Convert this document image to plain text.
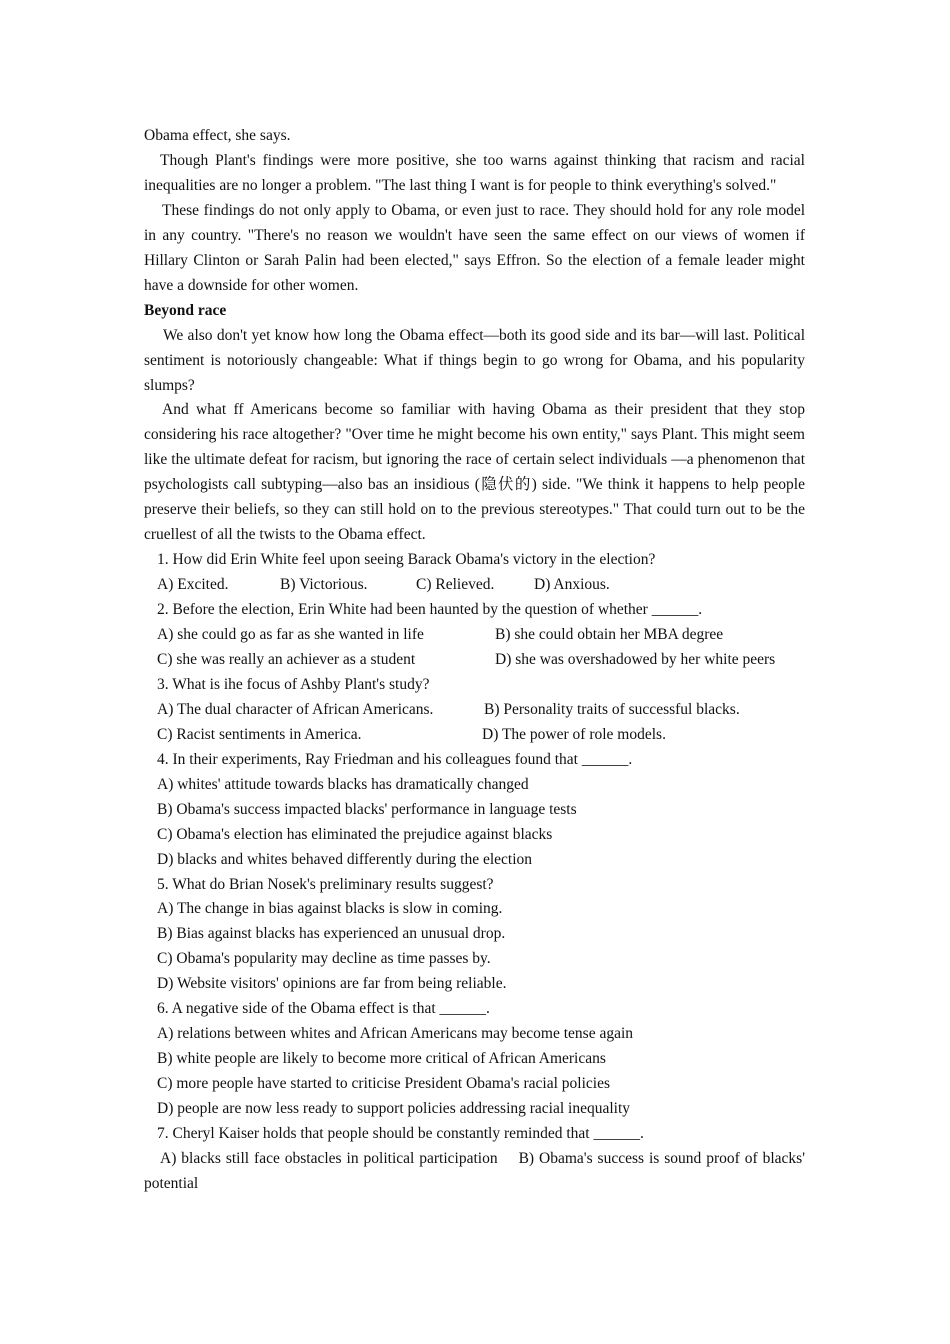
Obama effect, she says.

Though Plant's findings were more positive, she too warns against thinking that racism and racial inequalities are no longer a problem. "The last thing I want is for people to think everything's solved."

These findings do not only apply to Obama, or even just to race. They should hold for any role model in any country. "There's no reason we wouldn't have seen the same effect on our views of women if Hillary Clinton or Sarah Palin had been elected," says Effron. So the election of a female leader might have a downside for other women.

Beyond race

We also don't yet know how long the Obama effect—both its good side and its bar—will last. Political sentiment is notoriously changeable: What if things begin to go wrong for Obama, and his popularity slumps?

And what ff Americans become so familiar with having Obama as their president that they stop considering his race altogether? "Over time he might become his own entity," says Plant. This might seem like the ultimate defeat for racism, but ignoring the race of certain select individuals —a phenomenon that psychologists call subtyping—also bas an insidious (隐伏的) side. "We think it happens to help people preserve their beliefs, so they can still hold on to the previous stereotypes." That could turn out to be the cruellest of all the twists to the Obama effect.

1. How did Erin White feel upon seeing Barack Obama's victory in the election?

A) Excited.	B) Victorious.	C) Relieved.	D) Anxious.

2. Before the election, Erin White had been haunted by the question of whether ______.

A) she could go as far as she wanted in life	B) she could obtain her MBA degree
C) she was really an achiever as a student	D) she was overshadowed by her white peers

3. What is ihe focus of Ashby Plant's study?

A) The dual character of African Americans.	B) Personality traits of successful blacks.
C) Racist sentiments in America.	D) The power of role models.

4. In their experiments, Ray Friedman and his colleagues found that ______.

A) whites' attitude towards blacks has dramatically changed

B) Obama's success impacted blacks' performance in language tests

C) Obama's election has eliminated the prejudice against blacks

D) blacks and whites behaved differently during the election

5. What do Brian Nosek's preliminary results suggest?

A) The change in bias against blacks is slow in coming.

B) Bias against blacks has experienced an unusual drop.

C) Obama's popularity may decline as time passes by.

D) Website visitors' opinions are far from being reliable.

6. A negative side of the Obama effect is that ______.

A) relations between whites and African Americans may become tense again

B) white people are likely to become more critical of African Americans

C) more people have started to criticise President Obama's racial policies

D) people are now less ready to support policies addressing racial inequality

7. Cheryl Kaiser holds that people should be constantly reminded that ______.

A) blacks still face obstacles in political participation B) Obama's success is sound proof of blacks' potential
